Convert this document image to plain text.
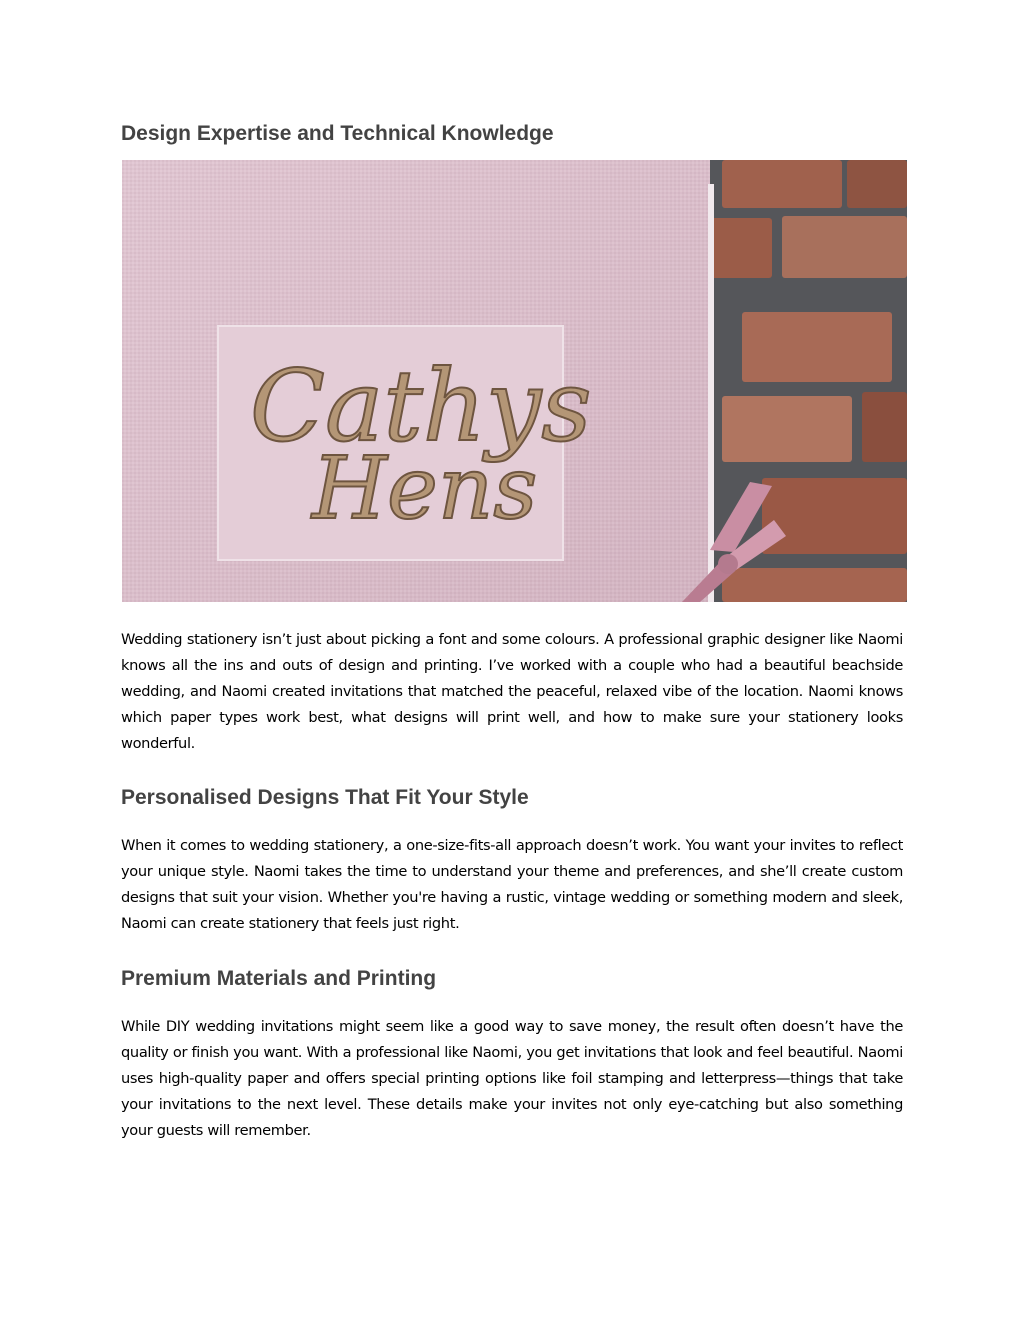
Design Expertise and Technical Knowledge
Cathys
Hens

Wedding stationery isn’t just about picking a font and some colours. A professional graphic designer like Naomi knows all the ins and outs of design and printing. I’ve worked with a couple who had a beautiful beachside wedding, and Naomi created invitations that matched the peaceful, relaxed vibe of the location. Naomi knows which paper types work best, what designs will print well, and how to make sure your stationery looks wonderful.

Personalised Designs That Fit Your Style

When it comes to wedding stationery, a one-size-fits-all approach doesn’t work. You want your invites to reflect your unique style. Naomi takes the time to understand your theme and preferences, and she’ll create custom designs that suit your vision. Whether you're having a rustic, vintage wedding or something modern and sleek, Naomi can create stationery that feels just right.

Premium Materials and Printing

While DIY wedding invitations might seem like a good way to save money, the result often doesn’t have the quality or finish you want. With a professional like Naomi, you get invitations that look and feel beautiful. Naomi uses high-quality paper and offers special printing options like foil stamping and letterpress—things that take your invitations to the next level. These details make your invites not only eye-catching but also something your guests will remember.
